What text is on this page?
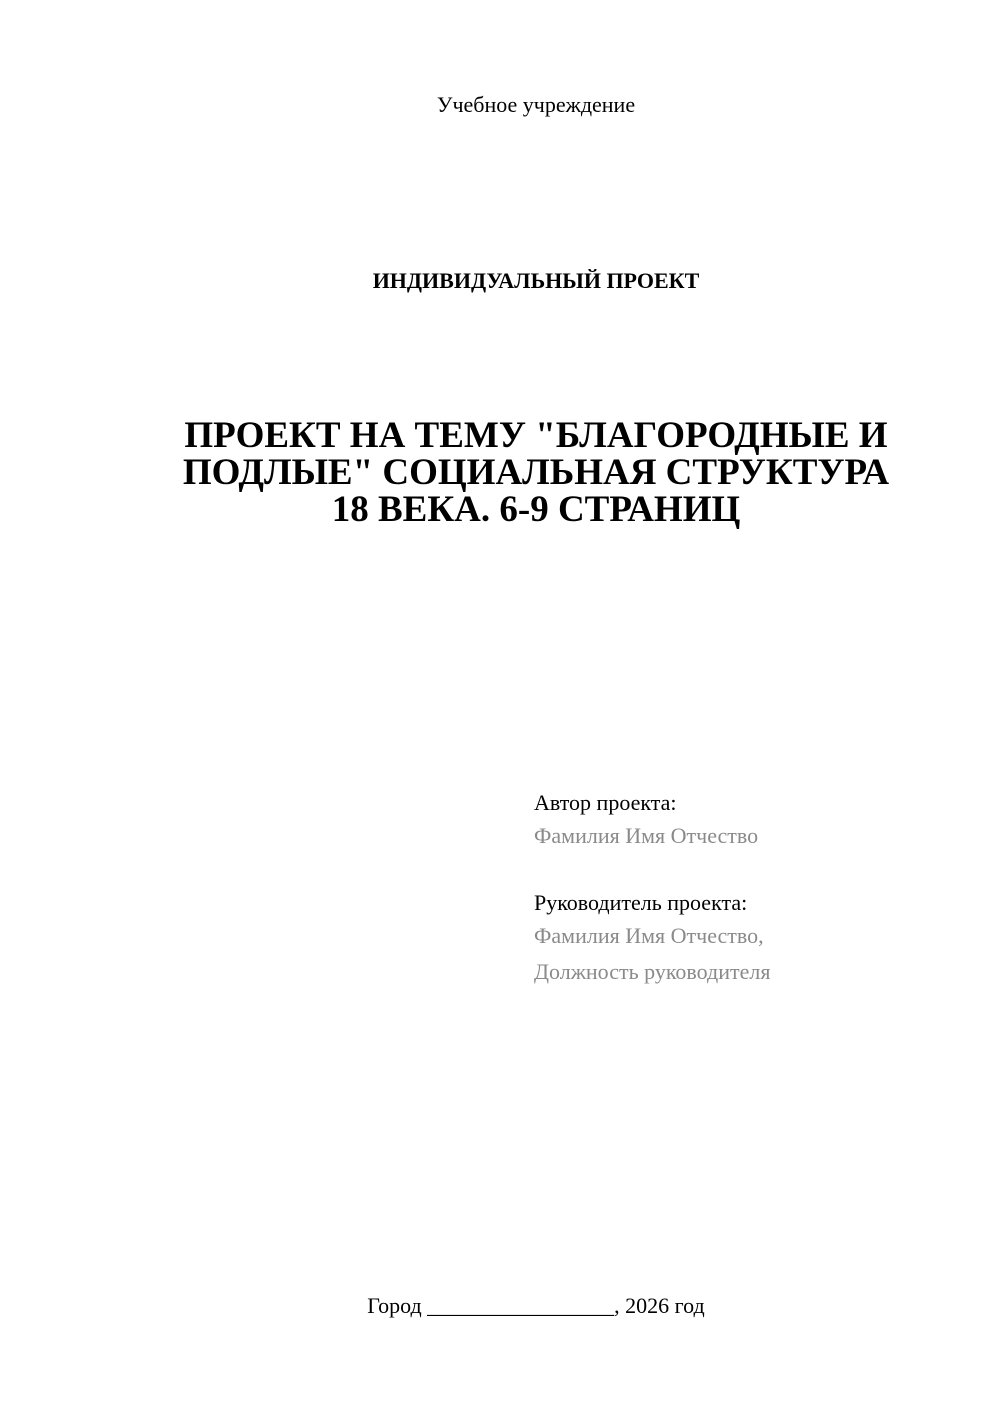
Учебное учреждение
ИНДИВИДУАЛЬНЫЙ ПРОЕКТ
ПРОЕКТ НА ТЕМУ "БЛАГОРОДНЫЕ И
ПОДЛЫЕ" СОЦИАЛЬНАЯ СТРУКТУРА
18 ВЕКА. 6-9 СТРАНИЦ
Автор проекта:
Фамилия Имя Отчество
Руководитель проекта:
Фамилия Имя Отчество,
Должность руководителя
Город _________________, 2026 год
